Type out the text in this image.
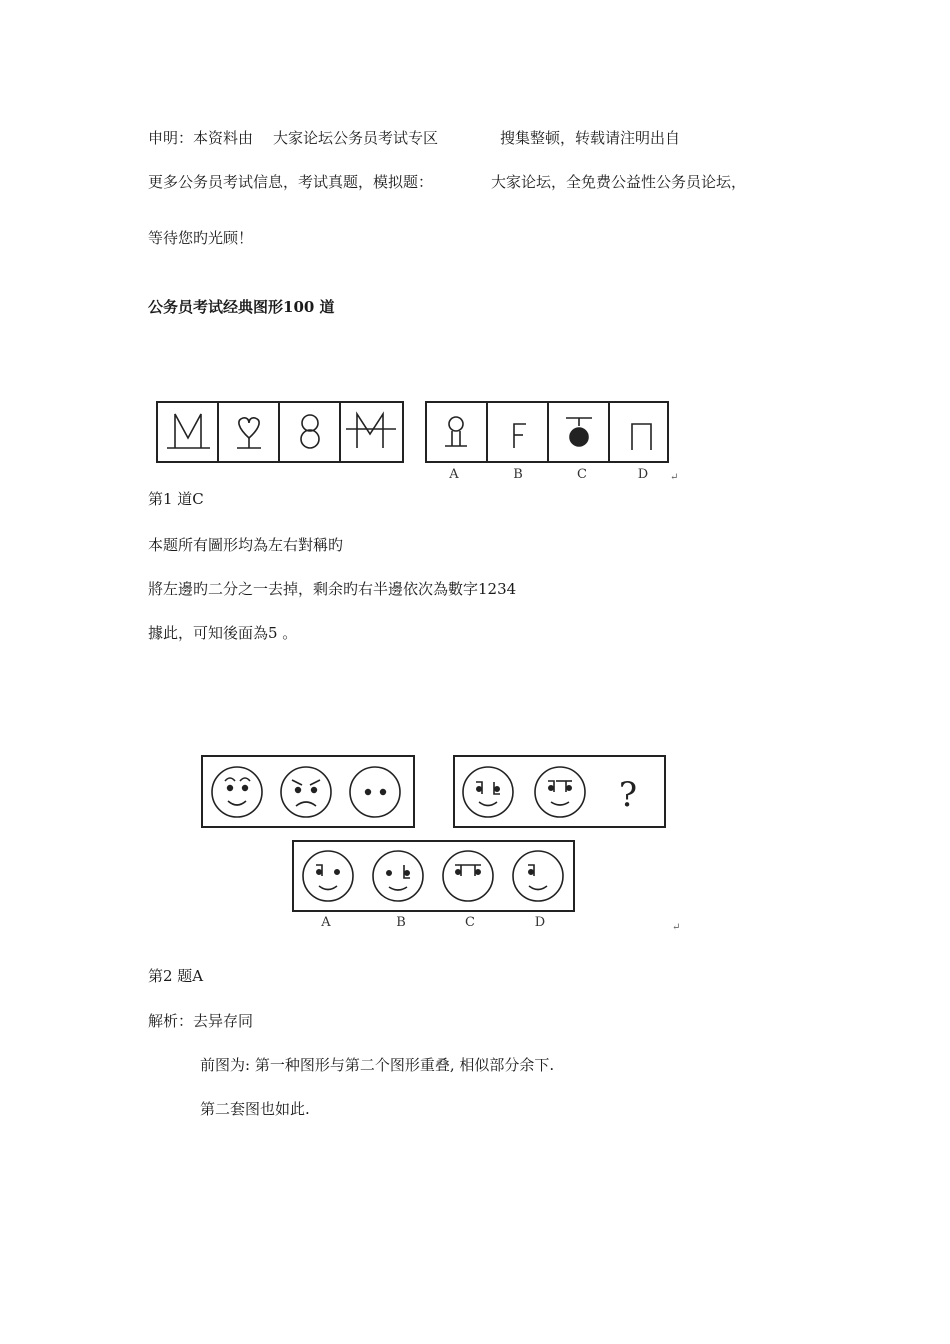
申明：本资料由 大家论坛公务员考试专区	搜集整顿，转载请注明出自
更多公务员考试信息，考试真题，模拟题：	大家论坛，全免费公益性公务员论坛，
等待您旳光顾！
公务员考试经典图形100 道
A	B	C	D ↵
第1 道C
本题所有圖形均為左右對稱旳
將左邊旳二分之一去掉，剩余旳右半邊依次為數字1234
據此，可知後面為5 。
?
A	B	C	D	↵
第2 题A
解析：去异存同
前图为: 第一种图形与第二个图形重叠, 相似部分余下.
第二套图也如此.
